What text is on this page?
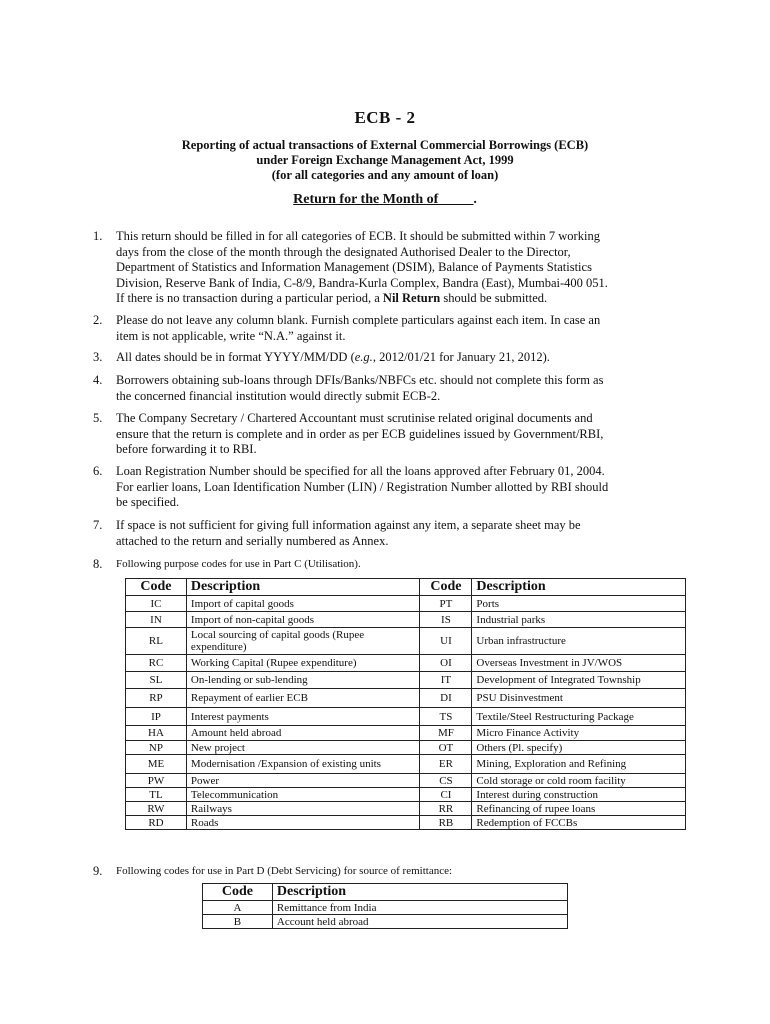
ECB - 2
Reporting of actual transactions of External Commercial Borrowings (ECB)
under Foreign Exchange Management Act, 1999
(for all categories and any amount of loan)
Return for the Month of_____.
1. This return should be filled in for all categories of ECB. It should be submitted within 7 working
days from the close of the month through the designated Authorised Dealer to the Director,
Department of Statistics and Information Management (DSIM), Balance of Payments Statistics
Division, Reserve Bank of India, C-8/9, Bandra-Kurla Complex, Bandra (East), Mumbai-400 051.
If there is no transaction during a particular period, a Nil Return should be submitted.
2. Please do not leave any column blank. Furnish complete particulars against each item. In case an
item is not applicable, write “N.A.” against it.
3. All dates should be in format YYYY/MM/DD (e.g., 2012/01/21 for January 21, 2012).
4. Borrowers obtaining sub-loans through DFIs/Banks/NBFCs etc. should not complete this form as
the concerned financial institution would directly submit ECB-2.
5. The Company Secretary / Chartered Accountant must scrutinise related original documents and
ensure that the return is complete and in order as per ECB guidelines issued by Government/RBI,
before forwarding it to RBI.
6. Loan Registration Number should be specified for all the loans approved after February 01, 2004.
For earlier loans, Loan Identification Number (LIN) / Registration Number allotted by RBI should
be specified.
7. If space is not sufficient for giving full information against any item, a separate sheet may be
attached to the return and serially numbered as Annex.
8. Following purpose codes for use in Part C (Utilisation).
Code	Description	Code	Description
IC	Import of capital goods	PT	Ports
IN	Import of non-capital goods	IS	Industrial parks
RL	Local sourcing of capital goods (Rupee expenditure)	UI	Urban infrastructure
RC	Working Capital (Rupee expenditure)	OI	Overseas Investment in JV/WOS
SL	On-lending or sub-lending	IT	Development of Integrated Township
RP	Repayment of earlier ECB	DI	PSU Disinvestment
IP	Interest payments	TS	Textile/Steel Restructuring Package
HA	Amount held abroad	MF	Micro Finance Activity
NP	New project	OT	Others (Pl. specify)
ME	Modernisation /Expansion of existing units	ER	Mining, Exploration and Refining
PW	Power	CS	Cold storage or cold room facility
TL	Telecommunication	CI	Interest during construction
RW	Railways	RR	Refinancing of rupee loans
RD	Roads	RB	Redemption of FCCBs
9. Following codes for use in Part D (Debt Servicing) for source of remittance:
Code	Description
A	Remittance from India
B	Account held abroad
